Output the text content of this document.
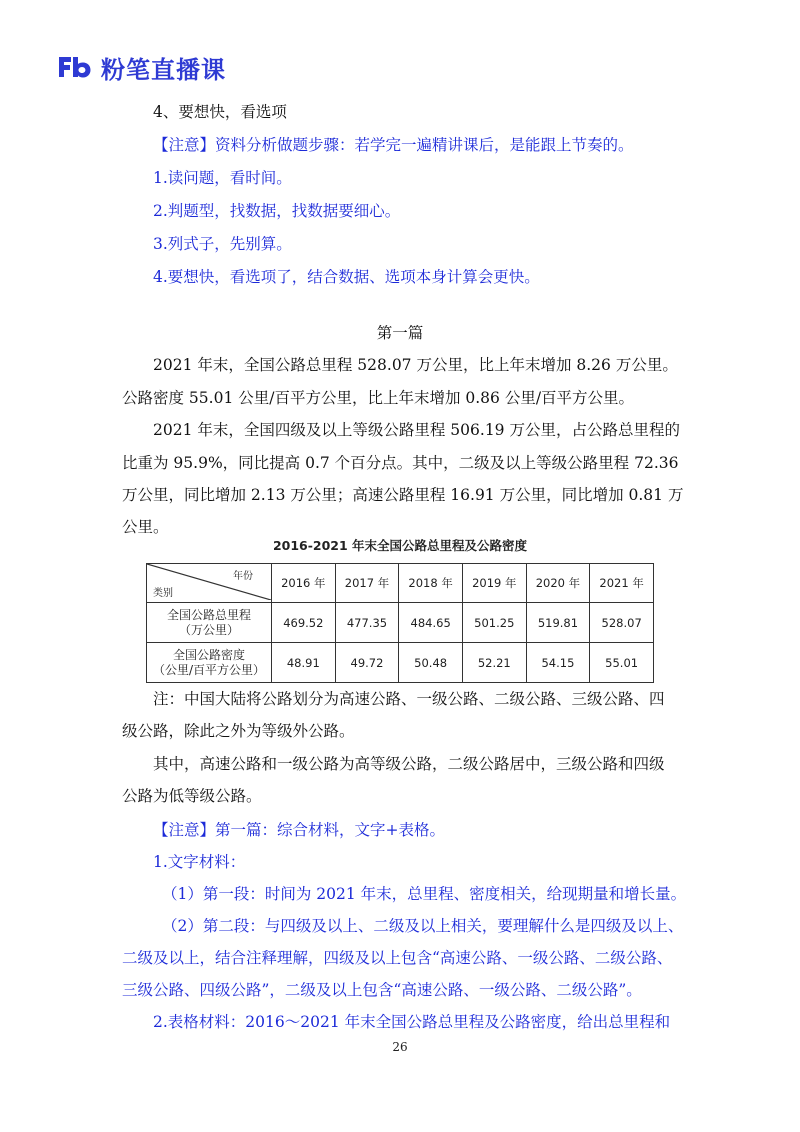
粉笔直播课
4、要想快，看选项
【注意】资料分析做题步骤：若学完一遍精讲课后，是能跟上节奏的。
1.读问题，看时间。
2.判题型，找数据，找数据要细心。
3.列式子，先别算。
4.要想快，看选项了，结合数据、选项本身计算会更快。
第一篇
2021 年末，全国公路总里程 528.07 万公里，比上年末增加 8.26 万公里。
公路密度 55.01 公里/百平方公里，比上年末增加 0.86 公里/百平方公里。
2021 年末，全国四级及以上等级公路里程 506.19 万公里，占公路总里程的
比重为 95.9%，同比提高 0.7 个百分点。其中，二级及以上等级公路里程 72.36
万公里，同比增加 2.13 万公里；高速公路里程 16.91 万公里，同比增加 0.81 万
公里。
2016-2021 年末全国公路总里程及公路密度
年份
类别	2016 年	2017 年	2018 年	2019 年	2020 年	2021 年

全国公路总里程
（万公里）	469.52	477.35	484.65	501.25	519.81	528.07

全国公路密度
（公里/百平方公里）	48.91	49.72	50.48	52.21	54.15	55.01
注：中国大陆将公路划分为高速公路、一级公路、二级公路、三级公路、四
级公路，除此之外为等级外公路。
其中，高速公路和一级公路为高等级公路，二级公路居中，三级公路和四级
公路为低等级公路。
【注意】第一篇：综合材料，文字+表格。
1.文字材料：
（1）第一段：时间为 2021 年末，总里程、密度相关，给现期量和增长量。
（2）第二段：与四级及以上、二级及以上相关，要理解什么是四级及以上、
二级及以上，结合注释理解，四级及以上包含“高速公路、一级公路、二级公路、
三级公路、四级公路”，二级及以上包含“高速公路、一级公路、二级公路”。
2.表格材料：2016～2021 年末全国公路总里程及公路密度，给出总里程和
26
